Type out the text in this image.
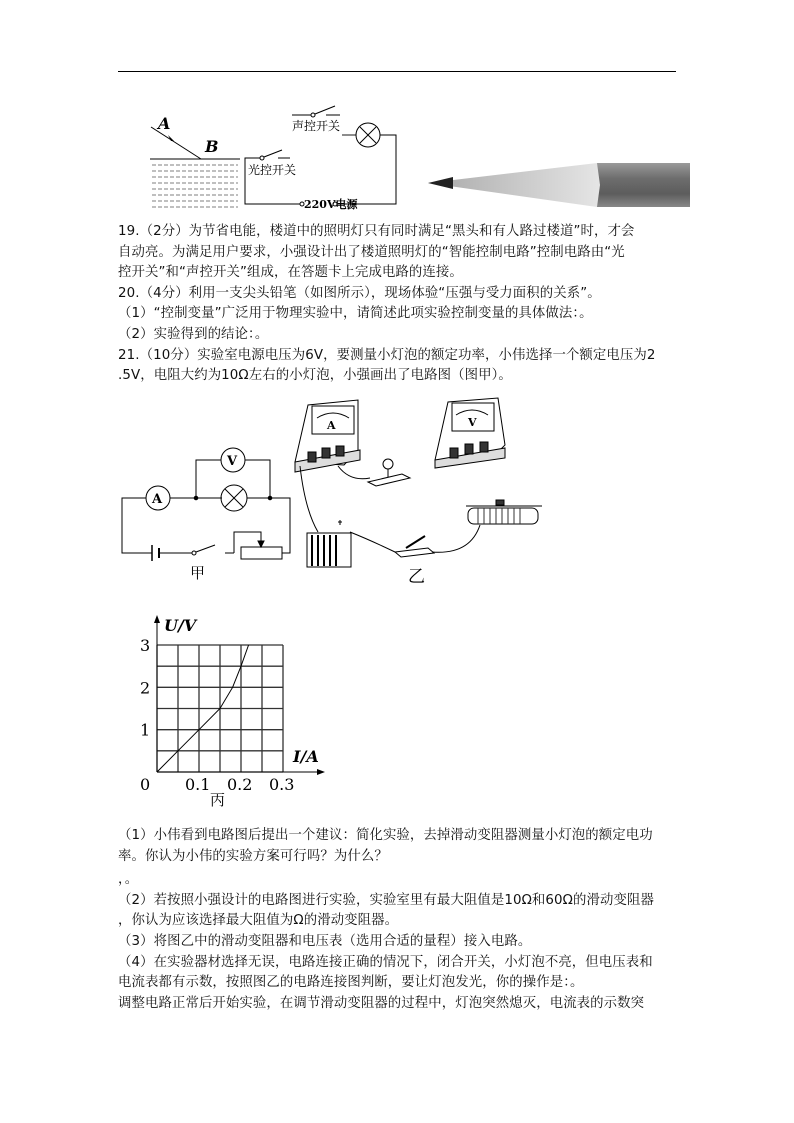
A
B
声控开关
光控开关
220V电源

19.（2分）为节省电能，楼道中的照明灯只有同时满足“黑头和有人路过楼道”时，才会

自动亮。为满足用户要求，小强设计出了楼道照明灯的“智能控制电路”控制电路由“光

控开关”和“声控开关”组成，在答题卡上完成电路的连接。

20.（4分）利用一支尖头铅笔（如图所示），现场体验“压强与受力面积的关系”。

（1）“控制变量”广泛用于物理实验中，请简述此项实验控制变量的具体做法：。

（2）实验得到的结论：。

21.（10分）实验室电源电压为6V，要测量小灯泡的额定功率，小伟选择一个额定电压为2

.5V，电阻大约为10Ω左右的小灯泡，小强画出了电路图（图甲）。

A
V
甲
A	V
乙
0.1 0.2 0.3
1
2
3
U/V
I/A
0
丙

（1）小伟看到电路图后提出一个建议：简化实验，去掉滑动变阻器测量小灯泡的额定电功

率。你认为小伟的实验方案可行吗？为什么？

，。

（2）若按照小强设计的电路图进行实验，实验室里有最大阻值是10Ω和60Ω的滑动变阻器

，你认为应该选择最大阻值为Ω的滑动变阻器。

（3）将图乙中的滑动变阻器和电压表（选用合适的量程）接入电路。

（4）在实验器材选择无误，电路连接正确的情况下，闭合开关，小灯泡不亮，但电压表和

电流表都有示数，按照图乙的电路连接图判断，要让灯泡发光，你的操作是：。

调整电路正常后开始实验，在调节滑动变阻器的过程中，灯泡突然熄灭，电流表的示数突
